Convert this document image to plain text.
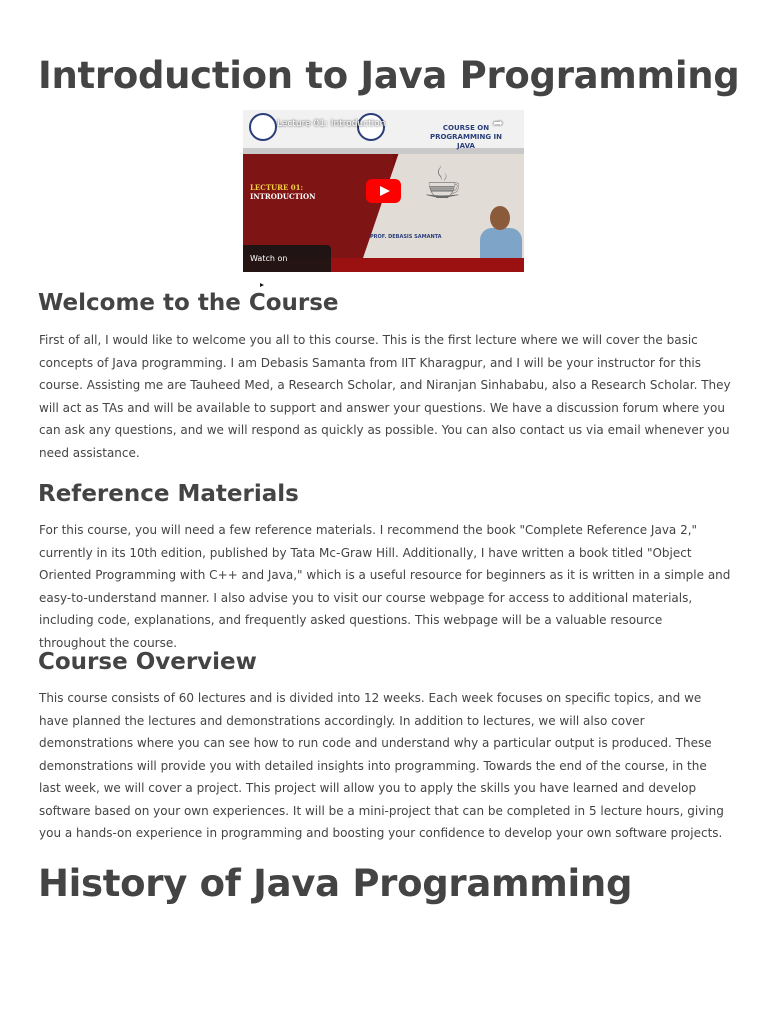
Introduction to Java Programming
Lecture 01: Introduction	➦
COURSE ON PROGRAMMING IN JAVA
LECTURE 01:
INTRODUCTION ☕
PROF. DEBASIS SAMANTA
Watch on YouTube
Welcome to the Course

First of all, I would like to welcome you all to this course. This is the first lecture where we will cover the basic concepts of Java programming. I am Debasis Samanta from IIT Kharagpur, and I will be your instructor for this course. Assisting me are Tauheed Med, a Research Scholar, and Niranjan Sinhababu, also a Research Scholar. They will act as TAs and will be available to support and answer your questions. We have a discussion forum where you can ask any questions, and we will respond as quickly as possible. You can also contact us via email whenever you need assistance.

Reference Materials

For this course, you will need a few reference materials. I recommend the book "Complete Reference Java 2," currently in its 10th edition, published by Tata Mc-Graw Hill. Additionally, I have written a book titled "Object Oriented Programming with C++ and Java," which is a useful resource for beginners as it is written in a simple and easy-to-understand manner. I also advise you to visit our course webpage for access to additional materials, including code, explanations, and frequently asked questions. This webpage will be a valuable resource throughout the course.

Course Overview

This course consists of 60 lectures and is divided into 12 weeks. Each week focuses on specific topics, and we have planned the lectures and demonstrations accordingly. In addition to lectures, we will also cover demonstrations where you can see how to run code and understand why a particular output is produced. These demonstrations will provide you with detailed insights into programming. Towards the end of the course, in the last week, we will cover a project. This project will allow you to apply the skills you have learned and develop software based on your own experiences. It will be a mini-project that can be completed in 5 lecture hours, giving you a hands-on experience in programming and boosting your confidence to develop your own software projects.

History of Java Programming
